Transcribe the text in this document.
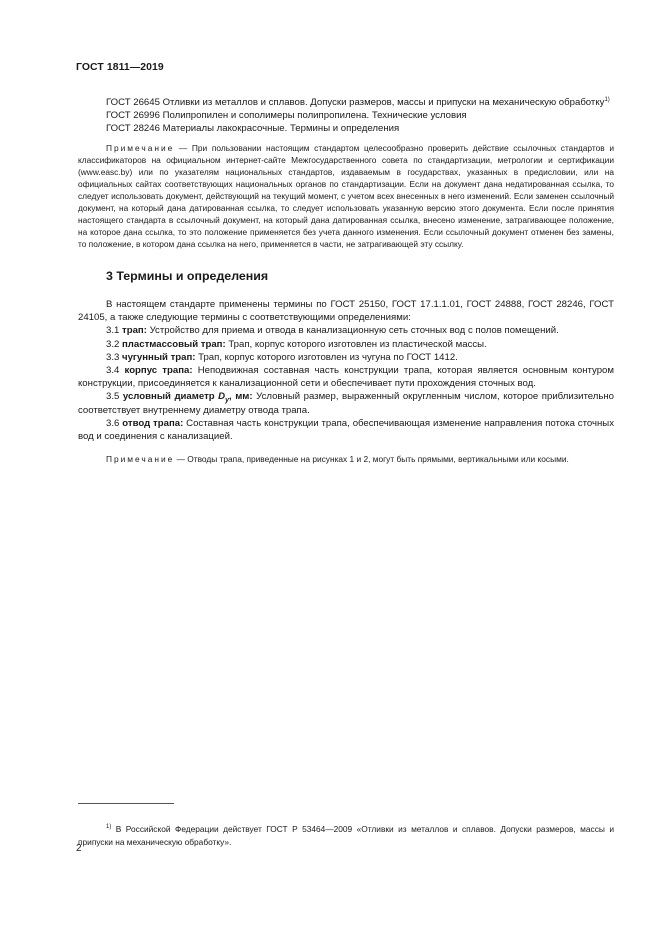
ГОСТ 1811—2019

ГОСТ 26645 Отливки из металлов и сплавов. Допуски размеров, массы и припуски на механическую обработку$^{1)}$

ГОСТ 26996 Полипропилен и сополимеры полипропилена. Технические условия

ГОСТ 28246 Материалы лакокрасочные. Термины и определения

Примечание — При пользовании настоящим стандартом целесообразно проверить действие ссылочных стандартов и классификаторов на официальном интернет-сайте Межгосударственного совета по стандартизации, метрологии и сертификации (www.easc.by) или по указателям национальных стандартов, издаваемым в государствах, указанных в предисловии, или на официальных сайтах соответствующих национальных органов по стандартизации. Если на документ дана недатированная ссылка, то следует использовать документ, действующий на текущий момент, с учетом всех внесенных в него изменений. Если заменен ссылочный документ, на который дана датированная ссылка, то следует использовать указанную версию этого документа. Если после принятия настоящего стандарта в ссылочный документ, на который дана датированная ссылка, внесено изменение, затрагивающее положение, на которое дана ссылка, то это положение применяется без учета данного изменения. Если ссылочный документ отменен без замены, то положение, в котором дана ссылка на него, применяется в части, не затрагивающей эту ссылку.

3 Термины и определения

В настоящем стандарте применены термины по ГОСТ 25150, ГОСТ 17.1.1.01, ГОСТ 24888, ГОСТ 28246, ГОСТ 24105, а также следующие термины с соответствующими определениями:

3.1 трап: Устройство для приема и отвода в канализационную сеть сточных вод с полов помещений.

3.2 пластмассовый трап: Трап, корпус которого изготовлен из пластической массы.

3.3 чугунный трап: Трап, корпус которого изготовлен из чугуна по ГОСТ 1412.

3.4 корпус трапа: Неподвижная составная часть конструкции трапа, которая является основным контуром конструкции, присоединяется к канализационной сети и обеспечивает пути прохождения сточных вод.

3.5 условный диаметр $D_y$, мм: Условный размер, выраженный округленным числом, которое приблизительно соответствует внутреннему диаметру отвода трапа.

3.6 отвод трапа: Составная часть конструкции трапа, обеспечивающая изменение направления потока сточных вод и соединения с канализацией.

Примечание — Отводы трапа, приведенные на рисунках 1 и 2, могут быть прямыми, вертикальными или косыми.

$^{1)}$ В Российской Федерации действует ГОСТ Р 53464—2009 «Отливки из металлов и сплавов. Допуски размеров, массы и припуски на механическую обработку».

2
